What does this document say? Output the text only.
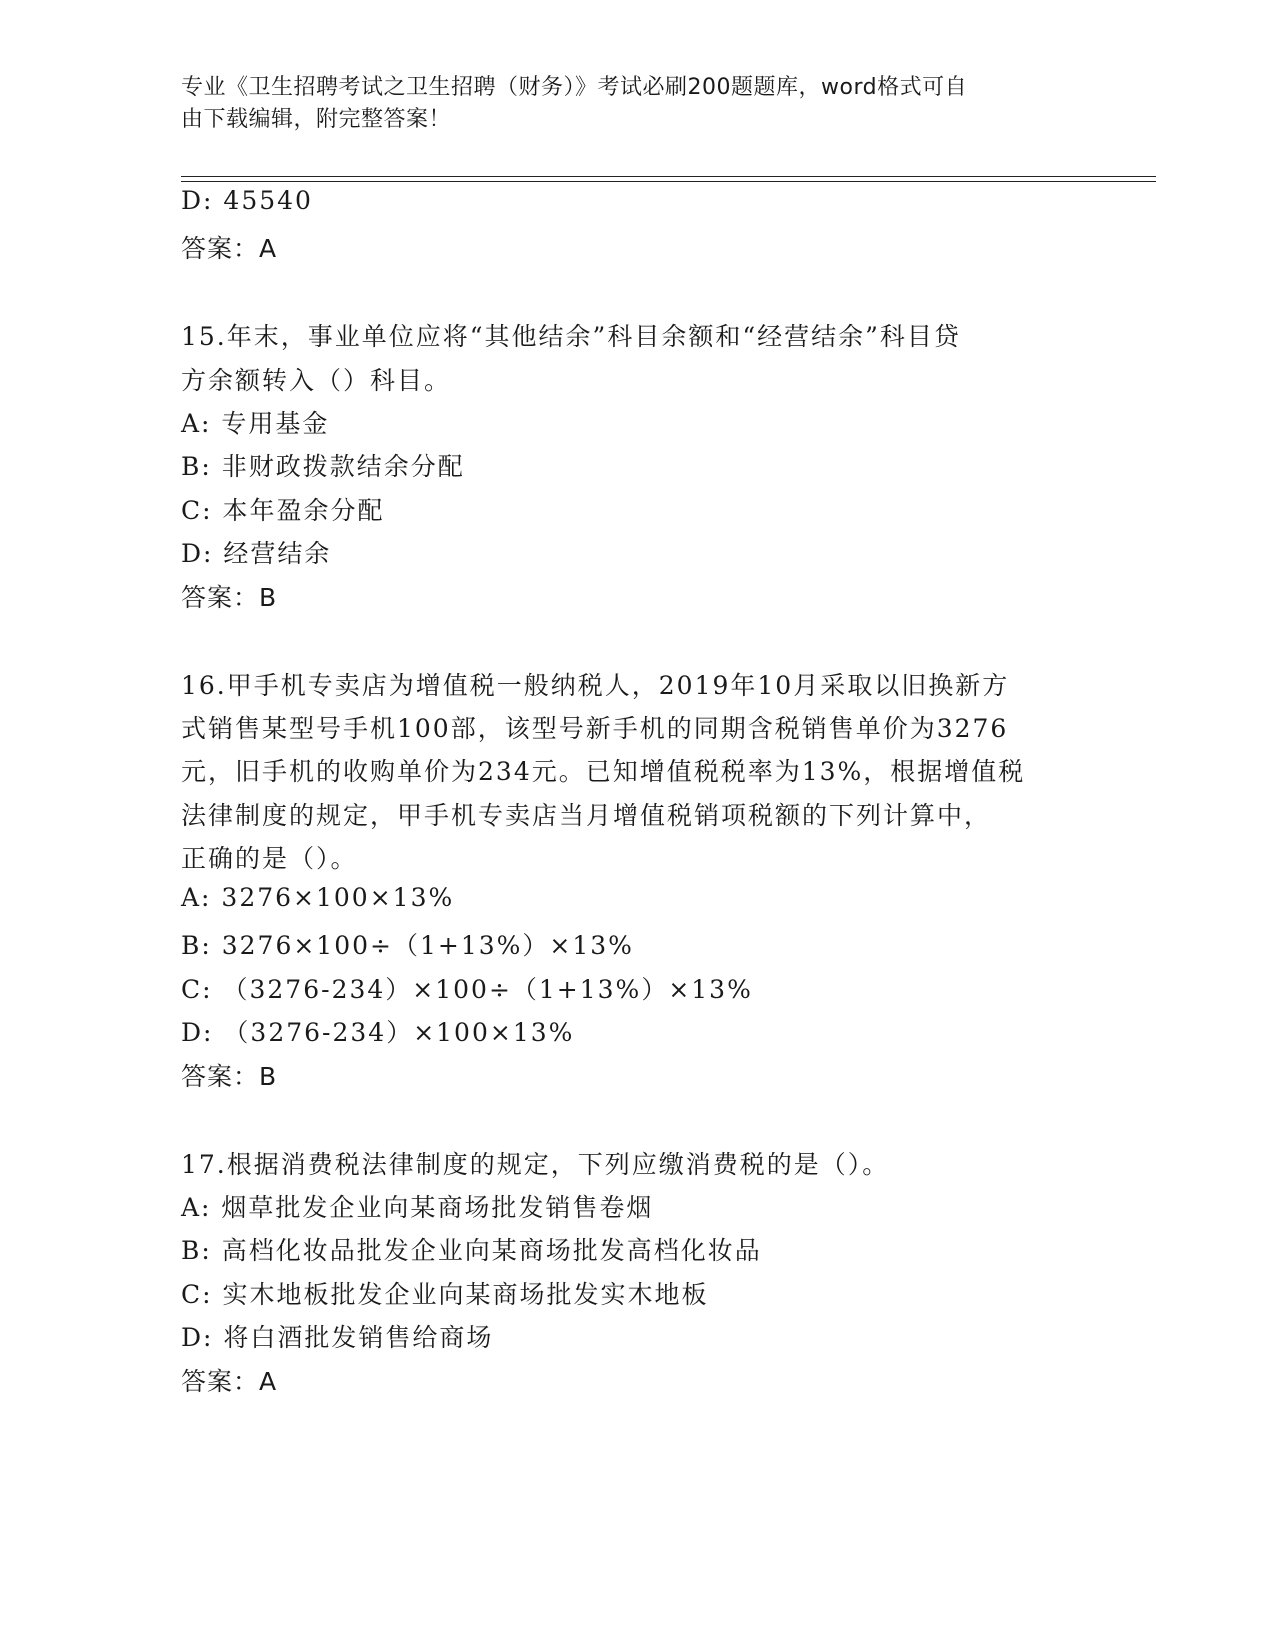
专业《卫生招聘考试之卫生招聘（财务）》考试必刷200题题库，word格式可自
由下载编辑，附完整答案！
D: 45540
答案：A
15.年末，事业单位应将“其他结余”科目余额和“经营结余”科目贷
方余额转入（）科目。
A: 专用基金
B: 非财政拨款结余分配
C: 本年盈余分配
D: 经营结余
答案：B
16.甲手机专卖店为增值税一般纳税人，2019年10月采取以旧换新方
式销售某型号手机100部，该型号新手机的同期含税销售单价为3276
元，旧手机的收购单价为234元。已知增值税税率为13%，根据增值税
法律制度的规定，甲手机专卖店当月增值税销项税额的下列计算中，
正确的是（）。
A: 3276×100×13%
B: 3276×100÷（1+13%）×13%
C: （3276-234）×100÷（1+13%）×13%
D: （3276-234）×100×13%
答案：B
17.根据消费税法律制度的规定，下列应缴消费税的是（）。
A: 烟草批发企业向某商场批发销售卷烟
B: 高档化妆品批发企业向某商场批发高档化妆品
C: 实木地板批发企业向某商场批发实木地板
D: 将白酒批发销售给商场
答案：A
